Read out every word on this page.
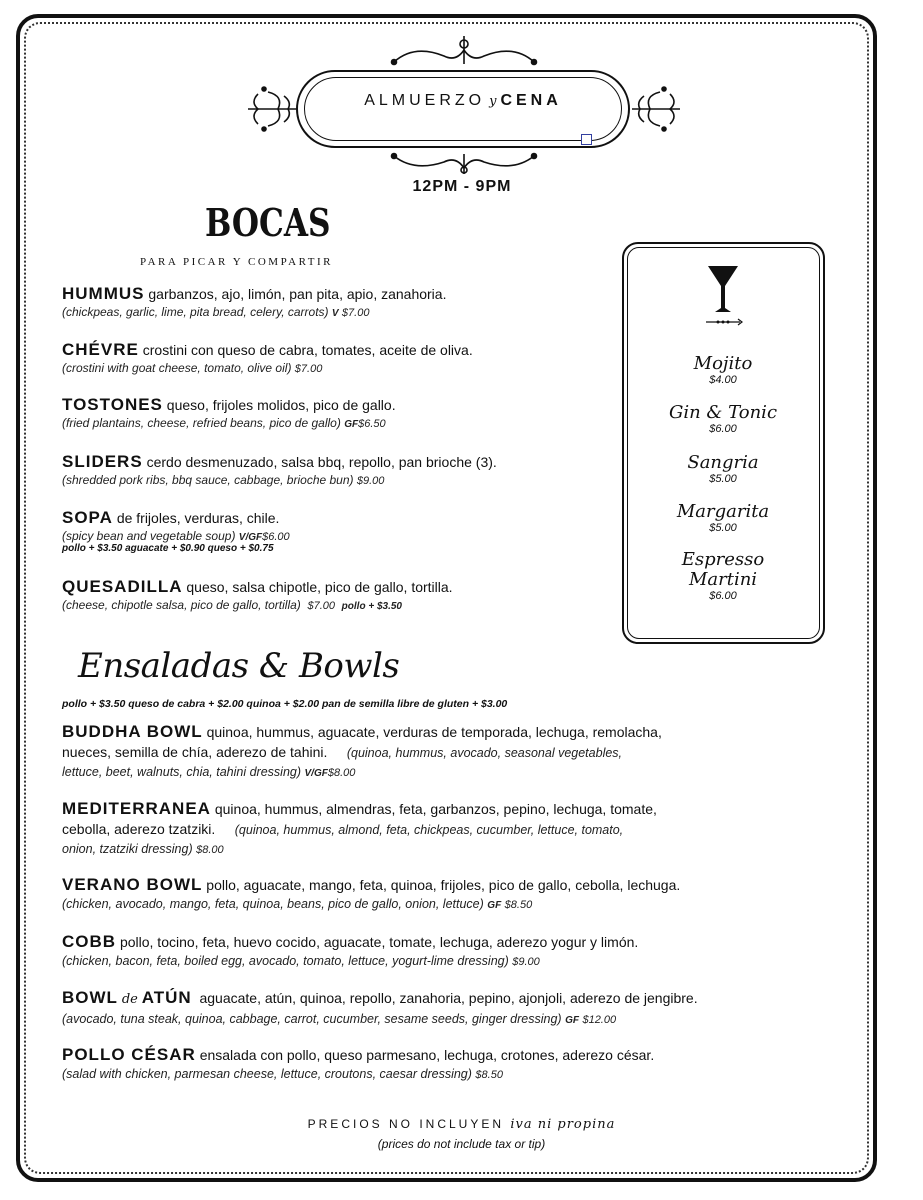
ALMUERZO y CENA
12PM - 9PM
BOCAS
PARA PICAR Y COMPARTIR
HUMMUS garbanzos, ajo, limón, pan pita, apio, zanahoria.
(chickpeas, garlic, lime, pita bread, celery, carrots) V $7.00
CHÉVRE crostini con queso de cabra, tomates, aceite de oliva.
(crostini with goat cheese, tomato, olive oil) $7.00
TOSTONES queso, frijoles molidos, pico de gallo.
(fried plantains, cheese, refried beans, pico de gallo) GF$6.50
SLIDERS cerdo desmenuzado, salsa bbq, repollo, pan brioche (3).
(shredded pork ribs, bbq sauce, cabbage, brioche bun) $9.00
SOPA de frijoles, verduras, chile.
(spicy bean and vegetable soup) V/GF$6.00
pollo + $3.50 aguacate + $0.90 queso + $0.75
QUESADILLA queso, salsa chipotle, pico de gallo, tortilla.
(cheese, chipotle salsa, pico de gallo, tortilla) $7.00 pollo + $3.50
Mojito
$4.00
Gin & Tonic
$6.00
Sangria
$5.00
Margarita
$5.00
Espresso
Martini
$6.00
Ensaladas & Bowls
pollo + $3.50 queso de cabra + $2.00 quinoa + $2.00 pan de semilla libre de gluten + $3.00
BUDDHA BOWL quinoa, hummus, aguacate, verduras de temporada, lechuga, remolacha,
nueces, semilla de chía, aderezo de tahini. (quinoa, hummus, avocado, seasonal vegetables,
lettuce, beet, walnuts, chia, tahini dressing) V/GF$8.00
MEDITERRANEA quinoa, hummus, almendras, feta, garbanzos, pepino, lechuga, tomate,
cebolla, aderezo tzatziki. (quinoa, hummus, almond, feta, chickpeas, cucumber, lettuce, tomato,
onion, tzatziki dressing) $8.00
VERANO BOWL pollo, aguacate, mango, feta, quinoa, frijoles, pico de gallo, cebolla, lechuga.
(chicken, avocado, mango, feta, quinoa, beans, pico de gallo, onion, lettuce) GF $8.50
COBB pollo, tocino, feta, huevo cocido, aguacate, tomate, lechuga, aderezo yogur y limón.
(chicken, bacon, feta, boiled egg, avocado, tomato, lettuce, yogurt-lime dressing) $9.00
BOWL de ATÚN aguacate, atún, quinoa, repollo, zanahoria, pepino, ajonjoli, aderezo de jengibre.
(avocado, tuna steak, quinoa, cabbage, carrot, cucumber, sesame seeds, ginger dressing) GF $12.00
POLLO CÉSAR ensalada con pollo, queso parmesano, lechuga, crotones, aderezo césar.
(salad with chicken, parmesan cheese, lettuce, croutons, caesar dressing) $8.50
PRECIOS NO INCLUYEN iva ni propina
(prices do not include tax or tip)
